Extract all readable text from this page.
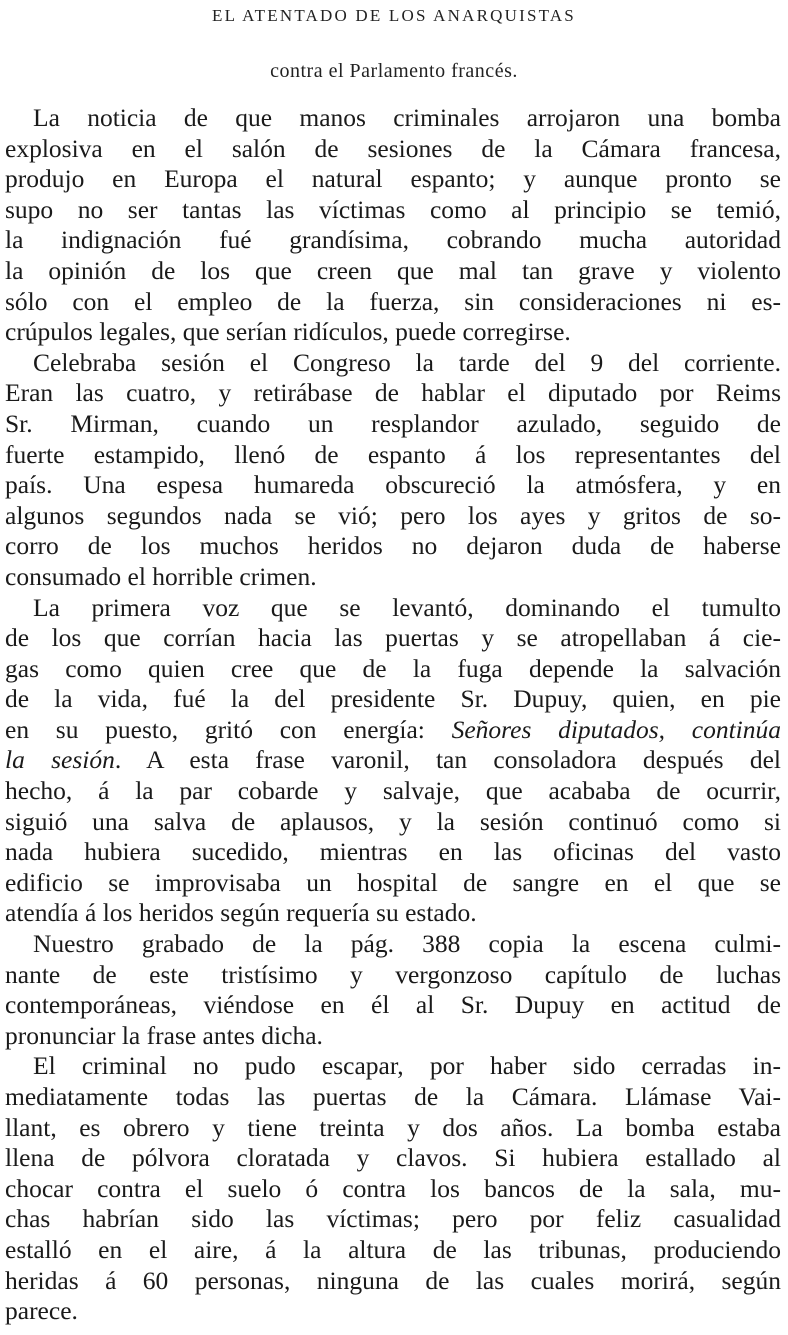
EL ATENTADO DE LOS ANARQUISTAS
contra el Parlamento francés.
La noticia de que manos criminales arrojaron una bomba
explosiva en el salón de sesiones de la Cámara francesa,
produjo en Europa el natural espanto; y aunque pronto se
supo no ser tantas las víctimas como al principio se temió,
la indignación fué grandísima, cobrando mucha autoridad
la opinión de los que creen que mal tan grave y violento
sólo con el empleo de la fuerza, sin consideraciones ni es-
crúpulos legales, que serían ridículos, puede corregirse.
Celebraba sesión el Congreso la tarde del 9 del corriente.
Eran las cuatro, y retirábase de hablar el diputado por Reims
Sr. Mirman, cuando un resplandor azulado, seguido de
fuerte estampido, llenó de espanto á los representantes del
país. Una espesa humareda obscureció la atmósfera, y en
algunos segundos nada se vió; pero los ayes y gritos de so-
corro de los muchos heridos no dejaron duda de haberse
consumado el horrible crimen.
La primera voz que se levantó, dominando el tumulto
de los que corrían hacia las puertas y se atropellaban á cie-
gas como quien cree que de la fuga depende la salvación
de la vida, fué la del presidente Sr. Dupuy, quien, en pie
en su puesto, gritó con energía: Señores diputados, continúa
la sesión. A esta frase varonil, tan consoladora después del
hecho, á la par cobarde y salvaje, que acababa de ocurrir,
siguió una salva de aplausos, y la sesión continuó como si
nada hubiera sucedido, mientras en las oficinas del vasto
edificio se improvisaba un hospital de sangre en el que se
atendía á los heridos según requería su estado.
Nuestro grabado de la pág. 388 copia la escena culmi-
nante de este tristísimo y vergonzoso capítulo de luchas
contemporáneas, viéndose en él al Sr. Dupuy en actitud de
pronunciar la frase antes dicha.
El criminal no pudo escapar, por haber sido cerradas in-
mediatamente todas las puertas de la Cámara. Llámase Vai-
llant, es obrero y tiene treinta y dos años. La bomba estaba
llena de pólvora cloratada y clavos. Si hubiera estallado al
chocar contra el suelo ó contra los bancos de la sala, mu-
chas habrían sido las víctimas; pero por feliz casualidad
estalló en el aire, á la altura de las tribunas, produciendo
heridas á 60 personas, ninguna de las cuales morirá, según
parece.
